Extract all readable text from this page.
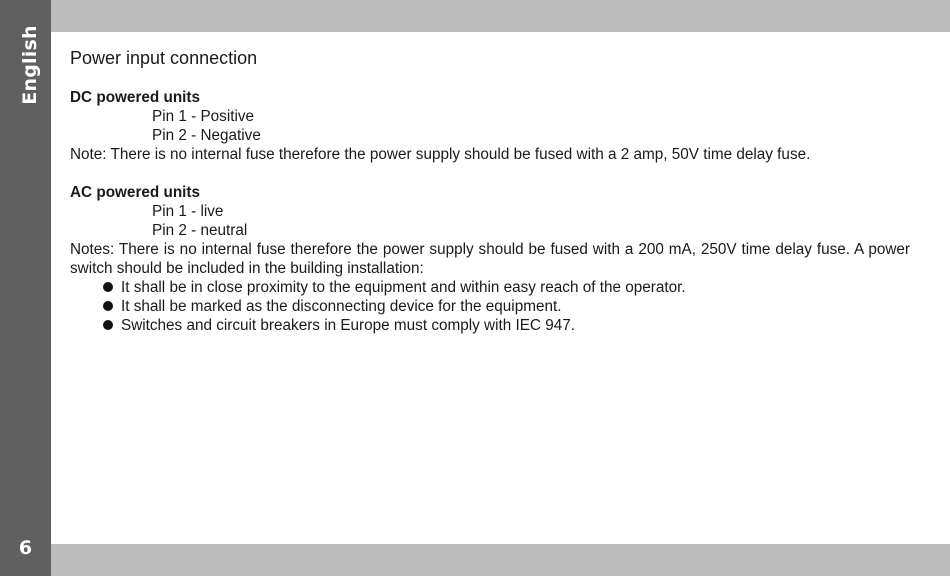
English
6
Power input connection
DC powered units
Pin 1 - Positive
Pin 2 - Negative

Note: There is no internal fuse therefore the power supply should be fused with a 2 amp, 50V time delay fuse.

AC powered units
Pin 1 - live
Pin 2 - neutral

Notes: There is no internal fuse therefore the power supply should be fused with a 200 mA, 250V time delay fuse. A power switch should be included in the building installation:

It shall be in close proximity to the equipment and within easy reach of the operator.
It shall be marked as the disconnecting device for the equipment.
Switches and circuit breakers in Europe must comply with IEC 947.
